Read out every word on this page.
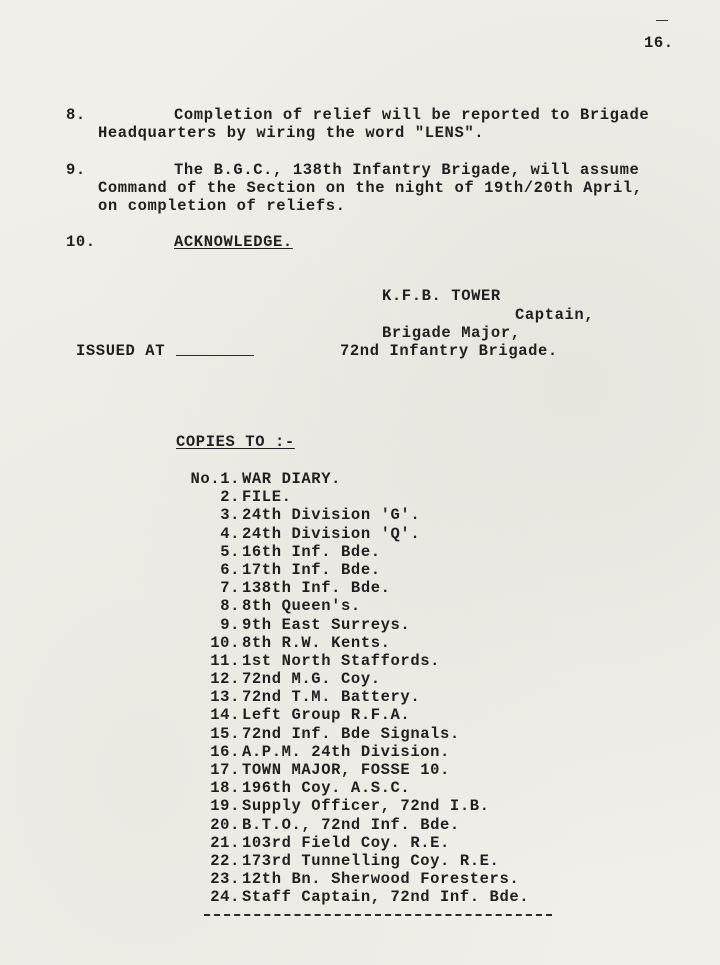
16.
8.	Completion of relief will be reported to Brigade
Headquarters by wiring the word "LENS".
9.	The B.G.C., 138th Infantry Brigade, will assume
Command of the Section on the night of 19th/20th April,
on completion of reliefs.
10.	ACKNOWLEDGE.
K.F.B. TOWER
Captain,
Brigade Major,
ISSUED AT	72nd Infantry Brigade.
COPIES TO :-
No.1. WAR DIARY.
2. FILE.
3. 24th Division 'G'.
4. 24th Division 'Q'.
5. 16th Inf. Bde.
6. 17th Inf. Bde.
7. 138th Inf. Bde.
8. 8th Queen's.
9. 9th East Surreys.
10. 8th R.W. Kents.
11. 1st North Staffords.
12. 72nd M.G. Coy.
13. 72nd T.M. Battery.
14. Left Group R.F.A.
15. 72nd Inf. Bde Signals.
16. A.P.M. 24th Division.
17. TOWN MAJOR, FOSSE 10.
18. 196th Coy. A.S.C.
19. Supply Officer, 72nd I.B.
20. B.T.O., 72nd Inf. Bde.
21. 103rd Field Coy. R.E.
22. 173rd Tunnelling Coy. R.E.
23. 12th Bn. Sherwood Foresters.
24. Staff Captain, 72nd Inf. Bde.
